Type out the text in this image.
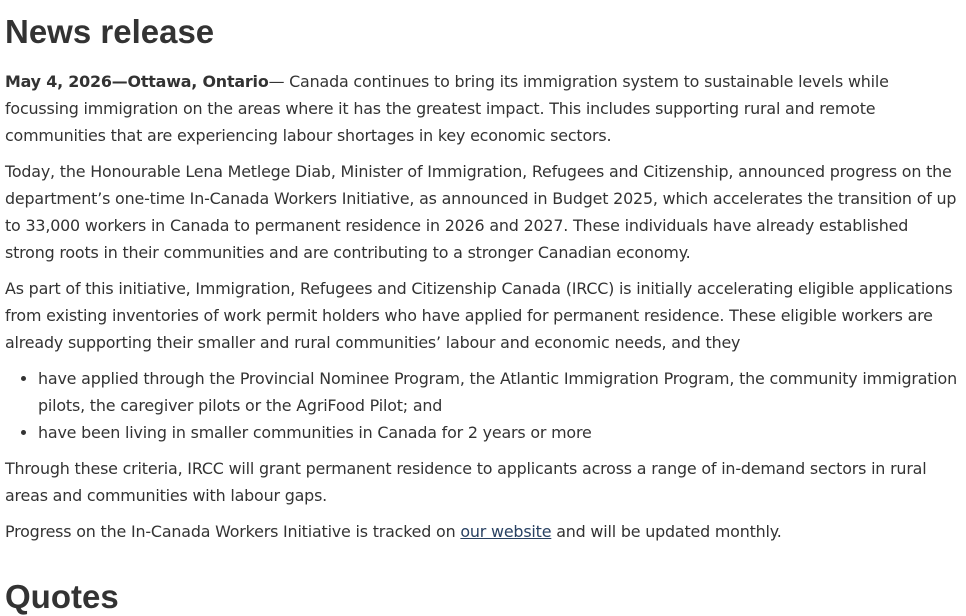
News release

May 4, 2026—Ottawa, Ontario— Canada continues to bring its immigration system to sustainable levels while focussing immigration on the areas where it has the greatest impact. This includes supporting rural and remote communities that are experiencing labour shortages in key economic sectors.

Today, the Honourable Lena Metlege Diab, Minister of Immigration, Refugees and Citizenship, announced progress on the department’s one-time In-Canada Workers Initiative, as announced in Budget 2025, which accelerates the transition of up to 33,000 workers in Canada to permanent residence in 2026 and 2027. These individuals have already established strong roots in their communities and are contributing to a stronger Canadian economy.

As part of this initiative, Immigration, Refugees and Citizenship Canada (IRCC) is initially accelerating eligible applications from existing inventories of work permit holders who have applied for permanent residence. These eligible workers are already supporting their smaller and rural communities’ labour and economic needs, and they

• have applied through the Provincial Nominee Program, the Atlantic Immigration Program, the community immigration pilots, the caregiver pilots or the AgriFood Pilot; and
• have been living in smaller communities in Canada for 2 years or more

Through these criteria, IRCC will grant permanent residence to applicants across a range of in-demand sectors in rural areas and communities with labour gaps.

Progress on the In-Canada Workers Initiative is tracked on our website and will be updated monthly.

Quotes
